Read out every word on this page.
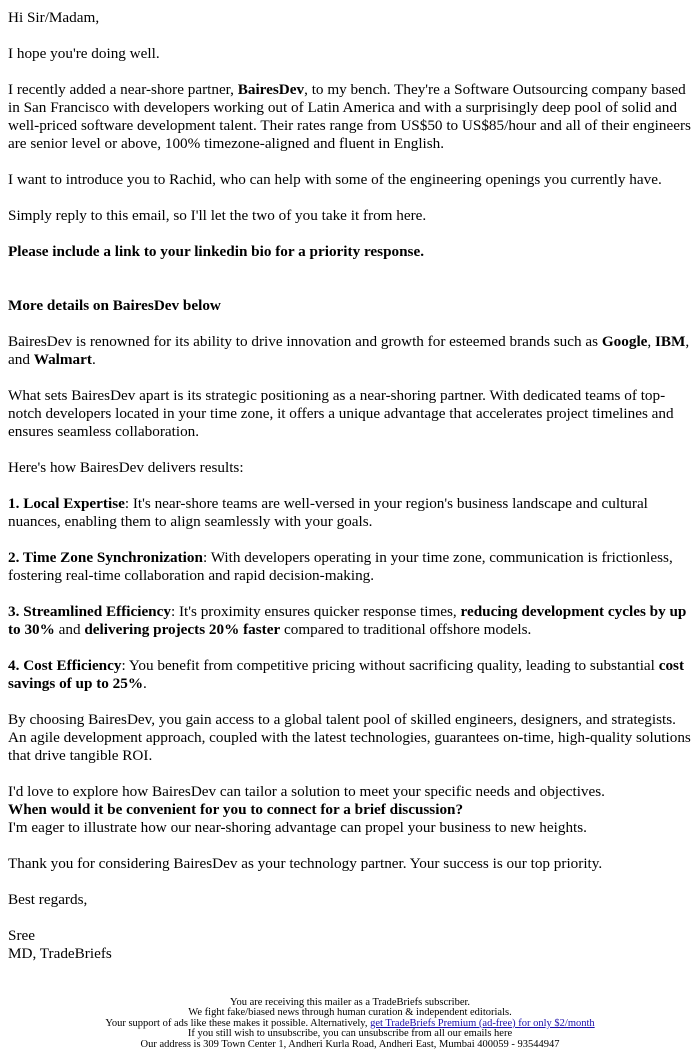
Hi Sir/Madam,

I hope you're doing well.

I recently added a near-shore partner, BairesDev, to my bench. They're a Software Outsourcing company based in San Francisco with developers working out of Latin America and with a surprisingly deep pool of solid and well-priced software development talent. Their rates range from US$50 to US$85/hour and all of their engineers are senior level or above, 100% timezone-aligned and fluent in English.

I want to introduce you to Rachid, who can help with some of the engineering openings you currently have.

Simply reply to this email, so I'll let the two of you take it from here.

Please include a link to your linkedin bio for a priority response.

More details on BairesDev below

BairesDev is renowned for its ability to drive innovation and growth for esteemed brands such as Google, IBM, and Walmart.

What sets BairesDev apart is its strategic positioning as a near-shoring partner. With dedicated teams of top-notch developers located in your time zone, it offers a unique advantage that accelerates project timelines and ensures seamless collaboration.

Here's how BairesDev delivers results:

1. Local Expertise: It's near-shore teams are well-versed in your region's business landscape and cultural nuances, enabling them to align seamlessly with your goals.

2. Time Zone Synchronization: With developers operating in your time zone, communication is frictionless, fostering real-time collaboration and rapid decision-making.

3. Streamlined Efficiency: It's proximity ensures quicker response times, reducing development cycles by up to 30% and delivering projects 20% faster compared to traditional offshore models.

4. Cost Efficiency: You benefit from competitive pricing without sacrificing quality, leading to substantial cost savings of up to 25%.

By choosing BairesDev, you gain access to a global talent pool of skilled engineers, designers, and strategists. An agile development approach, coupled with the latest technologies, guarantees on-time, high-quality solutions that drive tangible ROI.

I'd love to explore how BairesDev can tailor a solution to meet your specific needs and objectives.
When would it be convenient for you to connect for a brief discussion?
I'm eager to illustrate how our near-shoring advantage can propel your business to new heights.

Thank you for considering BairesDev as your technology partner. Your success is our top priority.

Best regards,

Sree
MD, TradeBriefs

You are receiving this mailer as a TradeBriefs subscriber.
We fight fake/biased news through human curation & independent editorials.
Your support of ads like these makes it possible. Alternatively, get TradeBriefs Premium (ad-free) for only $2/month
If you still wish to unsubscribe, you can unsubscribe from all our emails here
Our address is 309 Town Center 1, Andheri Kurla Road, Andheri East, Mumbai 400059 - 93544947
